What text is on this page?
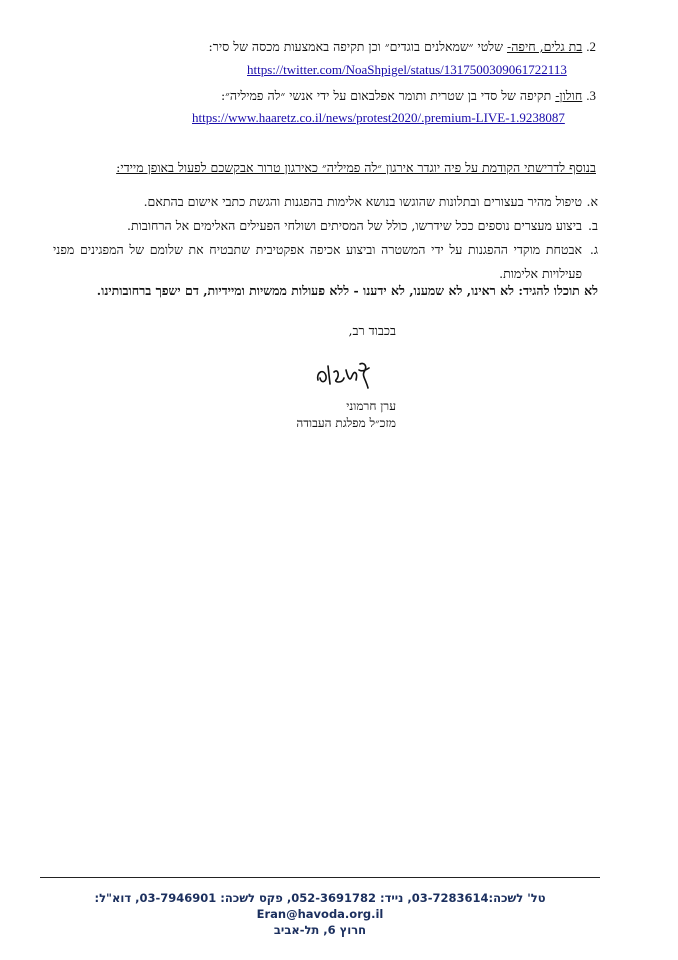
2.בת גלים, חיפה- שלטי ״שמאלנים בוגדים״ וכן תקיפה באמצעות מכסה של סיר:
https://twitter.com/NoaShpigel/status/1317500309061722113
3.חולון- תקיפה של סדי בן שטרית ותומר אפלבאום על ידי אנשי ״לה פמיליה״:
https://www.haaretz.co.il/news/protest2020/.premium-LIVE-1.9238087
בנוסף לדרישתי הקודמת על פיה יוגדר אירגון ״לה פמיליה״ כאירגון טרור אבקשכם לפעול באופן מיידי:
א.
טיפול מהיר בעצורים ובתלונות שהוגשו בנושא אלימות בהפגנות והגשת כתבי אישום בהתאם.
ב.
ביצוע מעצרים נוספים ככל שידרשו, כולל של המסיתים ושולחי הפעילים האלימים אל הרחובות.
ג.
אבטחת מוקדי ההפגנות על ידי המשטרה וביצוע אכיפה אפקטיבית שתבטיח את שלומם של המפגינים מפני פעילויות אלימות.
לא תוכלו להגיד: לא ראינו, לא שמענו, לא ידענו - ללא פעולות ממשיות ומיידיות, דם ישפך ברחובותינו.
בכבוד רב,
ערן חרמוני
מזכ״ל מפלגת העבודה
טל' לשכה:03-7283614, נייד: 052-3691782, פקס לשכה: 03-7946901, דוא"ל: Eran@havoda.org.il
חרוץ 6, תל-אביב
